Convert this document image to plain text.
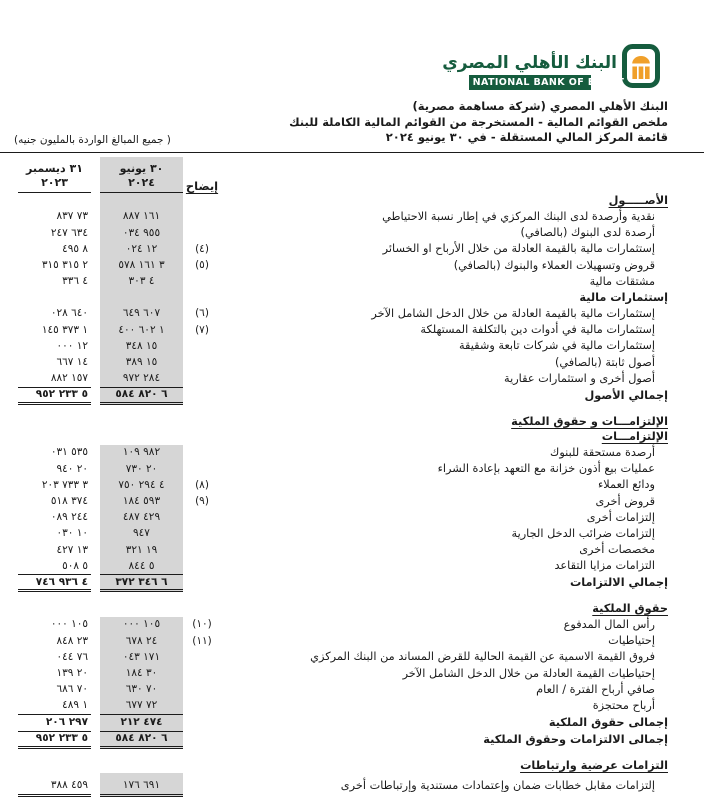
البنك الأهلي المصري
NATIONAL BANK OF EGYPT
البنك الأهلي المصري (شركة مساهمة مصرية)
ملخص القوائم المالية - المستخرجة من القوائم المالية الكاملة للبنك
قائمة المركز المالي المستقلة - في ٣٠ يونيو ٢٠٢٤
( جميع المبالغ الواردة بالمليون جنيه)
إيضاح
٣٠ يونيو
٢٠٢٤
٣١ ديسمبر
٢٠٢٣
الأصـــــول
نقدية وأرصدة لدى البنك المركزي في إطار نسبة الاحتياطي
١٦١ ٨٨٧
٧٣ ٨٣٧
أرصدة لدى البنوك (بالصافي)
٩٥٥ ٠٣٤
٦٣٤ ٢٤٧
إستثمارات مالية بالقيمة العادلة من خلال الأرباح او الخسائر
(٤)
١٢ ٠٢٤
٨ ٤٩٥
قروض وتسهيلات العملاء والبنوك (بالصافي)
(٥)
٣ ١٦١ ٥٧٨
٢ ٣١٥ ٣١٥
مشتقات مالية
٤ ٣٠٣
٤ ٣٣٦
إستثمارات مالية
إستثمارات مالية بالقيمة العادلة من خلال الدخل الشامل الآخر
(٦)
٦٠٧ ٦٤٩
٦٤٠ ٠٢٨
إستثمارات مالية في أدوات دين بالتكلفة المستهلكة
(٧)
١ ٦٠٢ ٤٠٠
١ ٣٧٣ ١٤٥
إستثمارات مالية في شركات تابعة وشقيقة
١٥ ٣٤٨
١٢ ٠٠٠
أصول ثابتة (بالصافي)
١٥ ٣٨٩
١٤ ٦٦٧
أصول أخرى و استثمارات عقارية
٢٨٤ ٩٧٢
١٥٧ ٨٨٢
إجمالي الأصول
٦ ٨٢٠ ٥٨٤
٥ ٢٣٣ ٩٥٢
الإلتزامـــات و حقوق الملكية
الإلتزامـــات
أرصدة مستحقة للبنوك
٩٨٢ ١٠٩
٥٣٥ ٠٣١
عمليات بيع أذون خزانة مع التعهد بإعادة الشراء
٢٠ ٧٣٠
٢٠ ٩٤٠
ودائع العملاء
(٨)
٤ ٢٩٤ ٧٥٠
٣ ٧٣٣ ٢٠٣
قروض أخرى
(٩)
٥٩٣ ١٨٤
٣٧٤ ٥١٨
إلتزامات أخرى
٤٢٩ ٤٨٧
٢٤٤ ٠٨٩
إلتزامات ضرائب الدخل الجارية
٩٤٧
١٠ ٠٣٠
مخصصات أخرى
١٩ ٣٢١
١٣ ٤٢٧
التزامات مزايا التقاعد
٥ ٨٤٤
٥ ٥٠٨
إجمالي الالتزامات
٦ ٣٤٦ ٣٧٢
٤ ٩٣٦ ٧٤٦
حقوق الملكية
رأس المال المدفوع
(١٠)
١٠٥ ٠٠٠
١٠٥ ٠٠٠
إحتياطيات
(١١)
٢٤ ٦٧٨
٢٣ ٨٤٨
فروق القيمة الاسمية عن القيمة الحالية للقرض المساند من البنك المركزي
١٧١ ٠٤٣
٧٦ ٠٤٤
إحتياطيات القيمة العادلة من خلال الدخل الشامل الآخر
٣٠ ١٨٤
٢٠ ١٣٩
صافي أرباح الفترة / العام
٧٠ ٦٣٠
٧٠ ٦٨٦
أرباح محتجزة
٧٢ ٦٧٧
١ ٤٨٩
إجمالى حقوق الملكية
٤٧٤ ٢١٢
٢٩٧ ٢٠٦
إجمالى الالتزامات وحقوق الملكية
٦ ٨٢٠ ٥٨٤
٥ ٢٣٣ ٩٥٢
التزامات عرضية وارتباطات
إلتزامات مقابل خطابات ضمان وإعتمادات مستندية وإرتباطات أخرى
٦٩١ ١٧٦
٤٥٩ ٣٨٨
